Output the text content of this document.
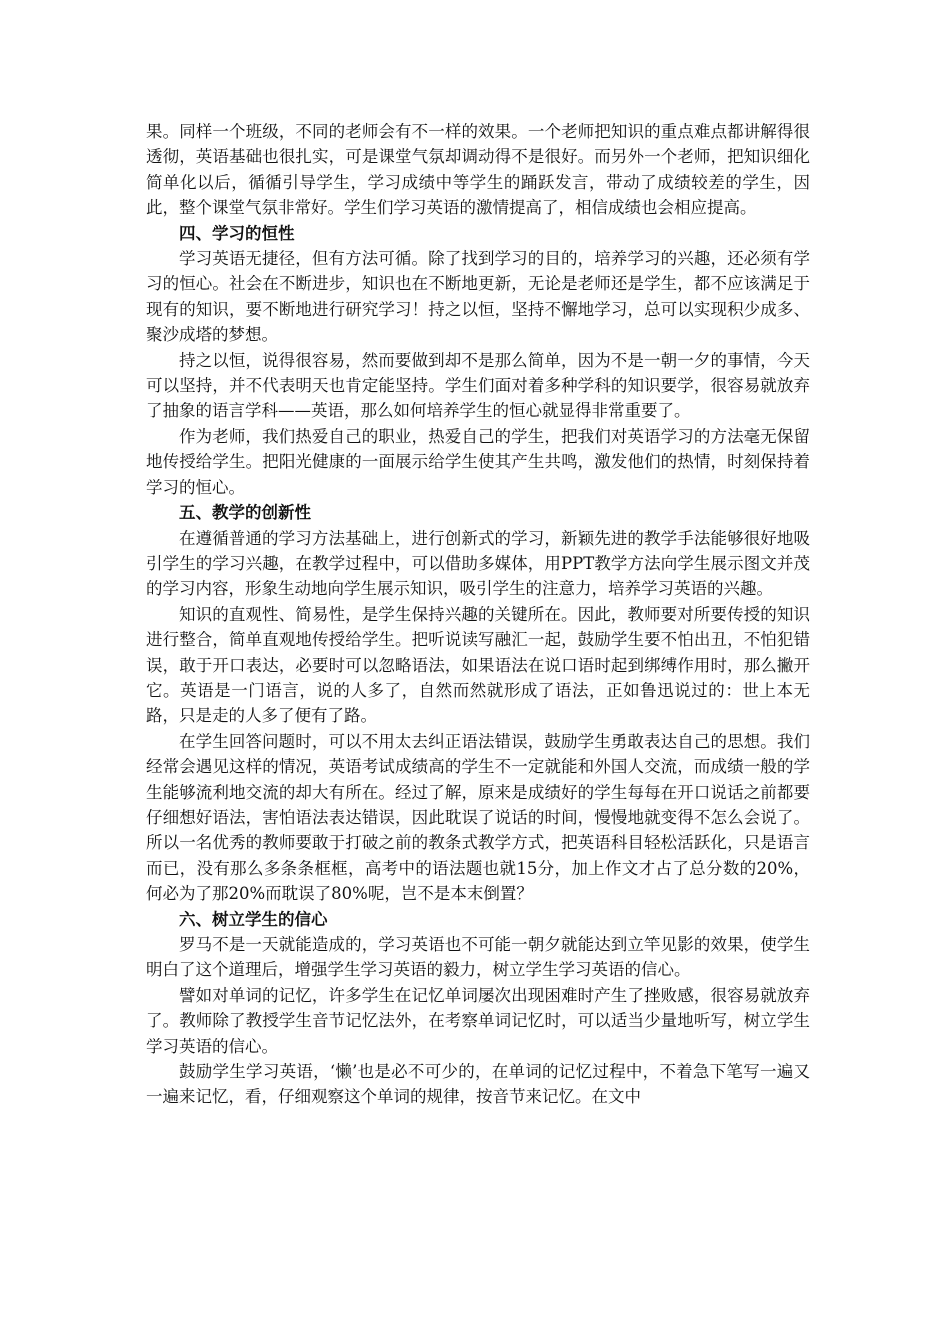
果。同样一个班级，不同的老师会有不一样的效果。一个老师把知识的重点难点都讲解得很透彻，英语基础也很扎实，可是课堂气氛却调动得不是很好。而另外一个老师，把知识细化简单化以后，循循引导学生，学习成绩中等学生的踊跃发言，带动了成绩较差的学生，因此，整个课堂气氛非常好。学生们学习英语的激情提高了，相信成绩也会相应提高。

四、学习的恒性

学习英语无捷径，但有方法可循。除了找到学习的目的，培养学习的兴趣，还必须有学习的恒心。社会在不断进步，知识也在不断地更新，无论是老师还是学生，都不应该满足于现有的知识，要不断地进行研究学习！持之以恒，坚持不懈地学习，总可以实现积少成多、聚沙成塔的梦想。

持之以恒，说得很容易，然而要做到却不是那么简单，因为不是一朝一夕的事情，今天可以坚持，并不代表明天也肯定能坚持。学生们面对着多种学科的知识要学，很容易就放弃了抽象的语言学科——英语，那么如何培养学生的恒心就显得非常重要了。

作为老师，我们热爱自己的职业，热爱自己的学生，把我们对英语学习的方法毫无保留地传授给学生。把阳光健康的一面展示给学生使其产生共鸣，激发他们的热情，时刻保持着学习的恒心。

五、教学的创新性

在遵循普通的学习方法基础上，进行创新式的学习，新颖先进的教学手法能够很好地吸引学生的学习兴趣，在教学过程中，可以借助多媒体，用PPT教学方法向学生展示图文并茂的学习内容，形象生动地向学生展示知识，吸引学生的注意力，培养学习英语的兴趣。

知识的直观性、简易性，是学生保持兴趣的关键所在。因此，教师要对所要传授的知识进行整合，简单直观地传授给学生。把听说读写融汇一起，鼓励学生要不怕出丑，不怕犯错误，敢于开口表达，必要时可以忽略语法，如果语法在说口语时起到绑缚作用时，那么撇开它。英语是一门语言，说的人多了，自然而然就形成了语法，正如鲁迅说过的：世上本无路，只是走的人多了便有了路。

在学生回答问题时，可以不用太去纠正语法错误，鼓励学生勇敢表达自己的思想。我们经常会遇见这样的情况，英语考试成绩高的学生不一定就能和外国人交流，而成绩一般的学生能够流利地交流的却大有所在。经过了解，原来是成绩好的学生每每在开口说话之前都要仔细想好语法，害怕语法表达错误，因此耽误了说话的时间，慢慢地就变得不怎么会说了。所以一名优秀的教师要敢于打破之前的教条式教学方式，把英语科目轻松活跃化，只是语言而已，没有那么多条条框框，高考中的语法题也就15分，加上作文才占了总分数的20%，何必为了那20%而耽误了80%呢，岂不是本末倒置？

六、树立学生的信心

罗马不是一天就能造成的，学习英语也不可能一朝夕就能达到立竿见影的效果，使学生明白了这个道理后，增强学生学习英语的毅力，树立学生学习英语的信心。

譬如对单词的记忆，许多学生在记忆单词屡次出现困难时产生了挫败感，很容易就放弃了。教师除了教授学生音节记忆法外，在考察单词记忆时，可以适当少量地听写，树立学生学习英语的信心。

鼓励学生学习英语，‘懒’也是必不可少的，在单词的记忆过程中，不着急下笔写一遍又一遍来记忆，看，仔细观察这个单词的规律，按音节来记忆。在文中
